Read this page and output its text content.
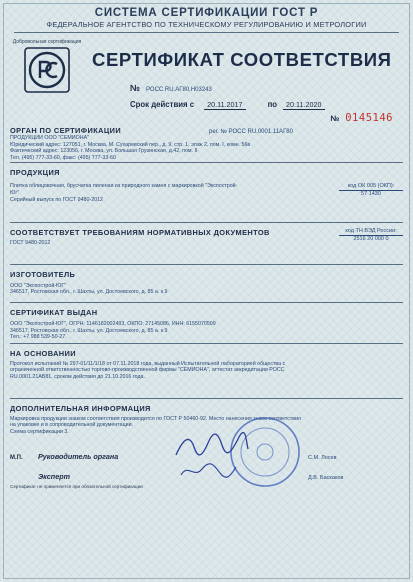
СИСТЕМА СЕРТИФИКАЦИИ ГОСТ Р
ФЕДЕРАЛЬНОЕ АГЕНТСТВО ПО ТЕХНИЧЕСКОМУ РЕГУЛИРОВАНИЮ И МЕТРОЛОГИИ
Добровольная сертификация
СЕРТИФИКАТ СООТВЕТСТВИЯ
№ РОСС RU.АГ80.Н03243
Срок действия с	20.11.2017	по	20.11.2020
№ 0145146
ОРГАН ПО СЕРТИФИКАЦИИ	рег. № РОСС RU.0001.11АГ80
ПРОДУКЦИИ ООО "СЕМИОНА"
Юридический адрес: 127051, г. Москва, М. Сухаревский пер., д. 9, стр. 1, этаж 2, пом. I, комн. 56в
Фактический адрес: 123056, г. Москва, ул. Большая Грузинская, д.42, пом. II
Тел. (495) 777-33-60, факс: (495) 777-33-60
ПРОДУКЦИЯ
Плитка облицовочная, брусчатка пиленая из природного камня с маркировкой "Экспострой-
Юг"
Серийный выпуск по ГОСТ 9480-2012
код ОК 005 (ОКП):
57 1430
СООТВЕТСТВУЕТ ТРЕБОВАНИЯМ НОРМАТИВНЫХ ДОКУМЕНТОВ
ГОСТ 9480-2012
код ТН ВЭД России:
2516 20 000 0
ИЗГОТОВИТЕЛЬ
ООО "Экспострой-ЮГ"
346517, Ростовская обл., г. Шахты, ул. Достоевского, д. 85 а. к.9
СЕРТИФИКАТ ВЫДАН
ООО "Экспострой-ЮГ", ОГРН: 1146182002493, ОКПО: 27145086, ИНН: 6155070509
346517, Ростовская обл., г. Шахты, ул. Достоевского, д. 85 а. к.9
Тел.: +7 988 539-50-27.
НА ОСНОВАНИИ
Протокол испытаний № 297-01/11/1/18 от 07.11.2018 года, выданный Испытательной лабораторией общества с
ограниченной ответственностью торгово-производственной фирмы "СЕМИОНА", аттестат аккредитации РОСС
RU.0001.21АВ81, сроком действия до 21.10.2016 года.
ДОПОЛНИТЕЛЬНАЯ ИНФОРМАЦИЯ
Маркировка продукции знаком соответствия производится по ГОСТ Р 50460-92. Место нанесения знака соответствия
на упаковке и в сопроводительной документации.
Схема сертификации 3.
М.П.	Руководитель органа	С.М. Лосев
Эксперт	Д.В. Баскаков
Сертификат не применяется при обязательной сертификации
